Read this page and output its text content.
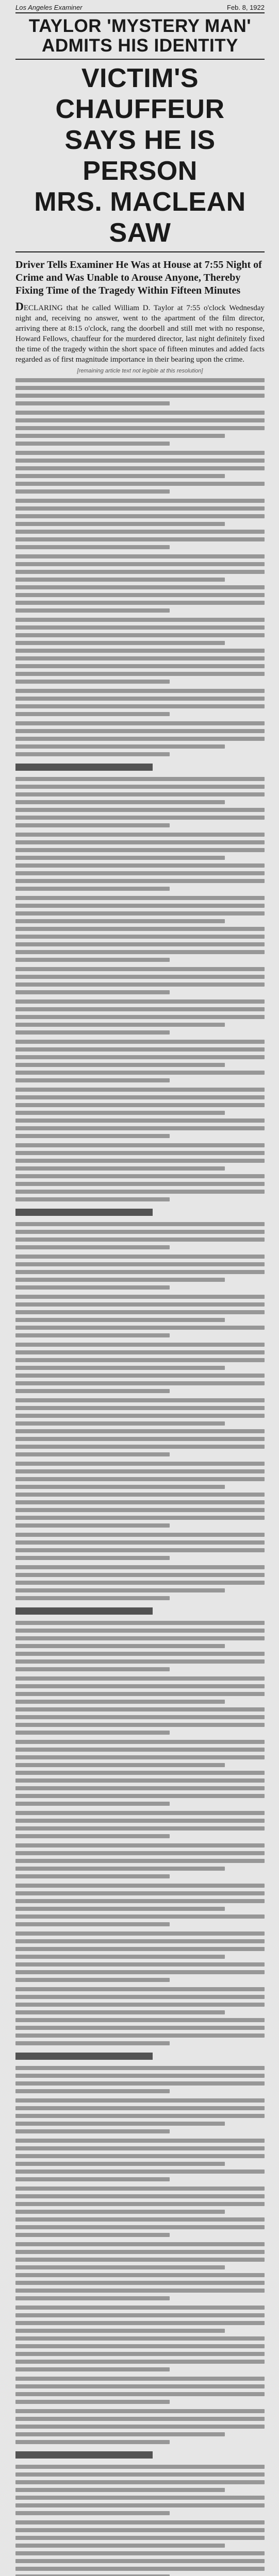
Los Angeles Examiner	Feb. 8, 1922
TAYLOR 'MYSTERY MAN'
ADMITS HIS IDENTITY
VICTIM'S CHAUFFEUR
SAYS HE IS PERSON
MRS. MACLEAN SAW
Driver Tells Examiner He Was at House at 7:55 Night of Crime and Was Unable to Arouse Anyone, Thereby Fixing Time of the Tragedy Within Fifteen Minutes
DECLARING that he called William D. Taylor at 7:55 o'clock Wednesday night and, receiving no answer, went to the apartment of the film director, arriving there at 8:15 o'clock, rang the doorbell and still met with no response, Howard Fellows, chauffeur for the murdered director, last night definitely fixed the time of the tragedy within the short space of fifteen minutes and added facts regarded as of first magnitude importance in their bearing upon the crime.
[remaining article text not legible at this resolution]
